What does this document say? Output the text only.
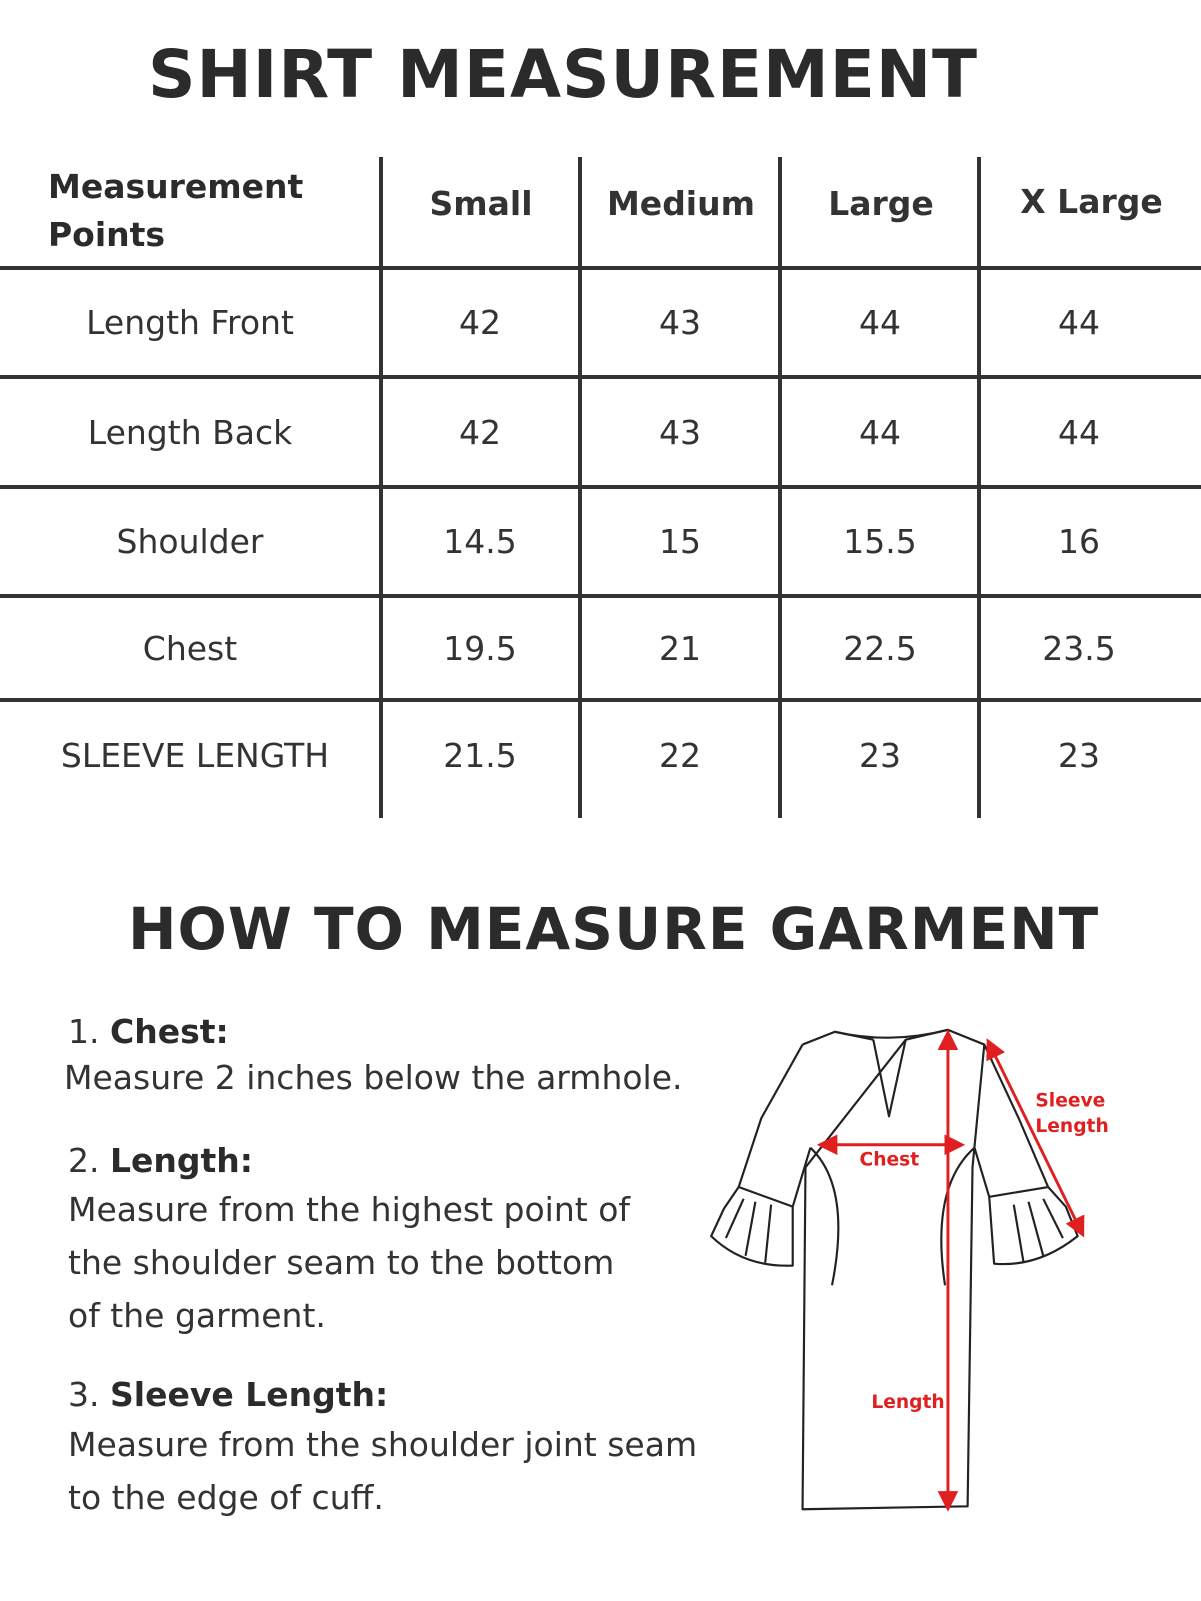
SHIRT MEASUREMENT
Measurement
Points
Small	Medium	Large	X Large
Length Front	42	43	44	44
Length Back	42	43	44	44
Shoulder	14.5	15	15.5	16
Chest	19.5	21	22.5	23.5
SLEEVE LENGTH	21.5	22	23	23
HOW TO MEASURE GARMENT
1. Chest:
Measure 2 inches below the armhole.
2. Length:
Measure from the highest point of
the shoulder seam to the bottom
of the garment.
3. Sleeve Length:
Measure from the shoulder joint seam
to the edge of cuff.
Chest
Length
Sleeve
Length
